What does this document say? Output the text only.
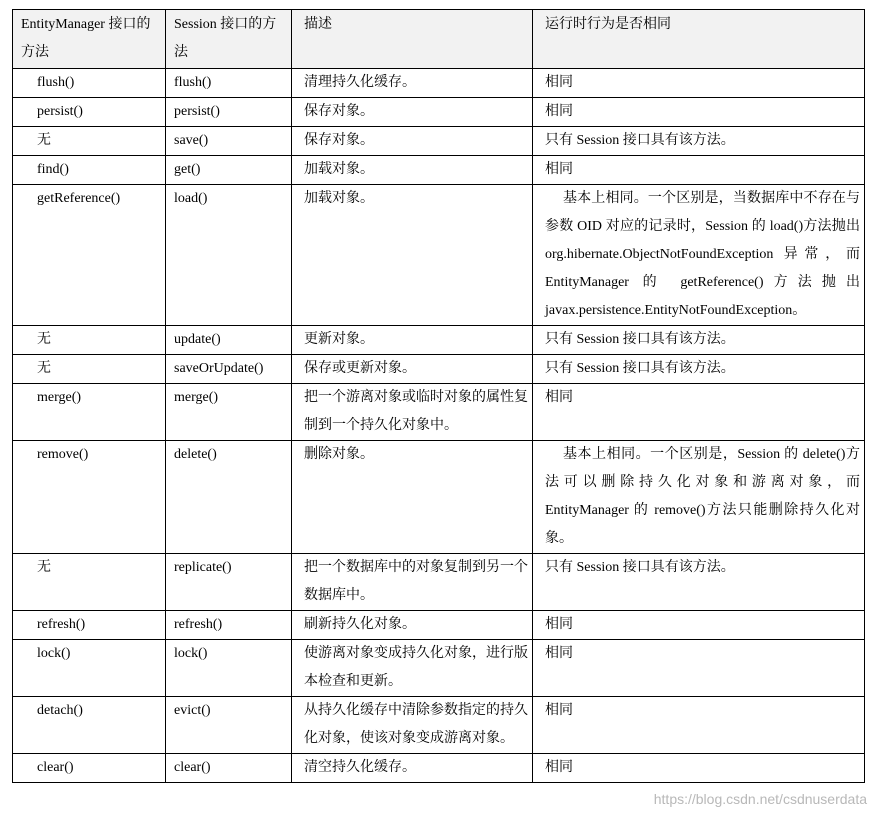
EntityManager 接口的方法	Session 接口的方法	描述	运行时行为是否相同
flush()	flush()	清理持久化缓存。	相同
persist()	persist()	保存对象。	相同
无	save()	保存对象。	只有 Session 接口具有该方法。
find()	get()	加载对象。	相同
getReference()	load()	加载对象。	基本上相同。一个区别是，当数据库中不存在与参数 OID 对应的记录时，Session 的 load()方法抛出 org.hibernate.ObjectNotFoundException 异常，而 EntityManager 的 getReference()方法抛出 javax.persistence.EntityNotFoundException。
无	update()	更新对象。	只有 Session 接口具有该方法。
无	saveOrUpdate()	保存或更新对象。	只有 Session 接口具有该方法。
merge()	merge()	把一个游离对象或临时对象的属性复制到一个持久化对象中。	相同
remove()	delete()	删除对象。	基本上相同。一个区别是，Session 的 delete()方法可以删除持久化对象和游离对象，而 EntityManager 的 remove()方法只能删除持久化对象。
无	replicate()	把一个数据库中的对象复制到另一个数据库中。	只有 Session 接口具有该方法。
refresh()	refresh()	刷新持久化对象。	相同
lock()	lock()	使游离对象变成持久化对象，进行版本检查和更新。	相同
detach()	evict()	从持久化缓存中清除参数指定的持久化对象，使该对象变成游离对象。	相同
clear()	clear()	清空持久化缓存。	相同
https://blog.csdn.net/csdnuserdata
